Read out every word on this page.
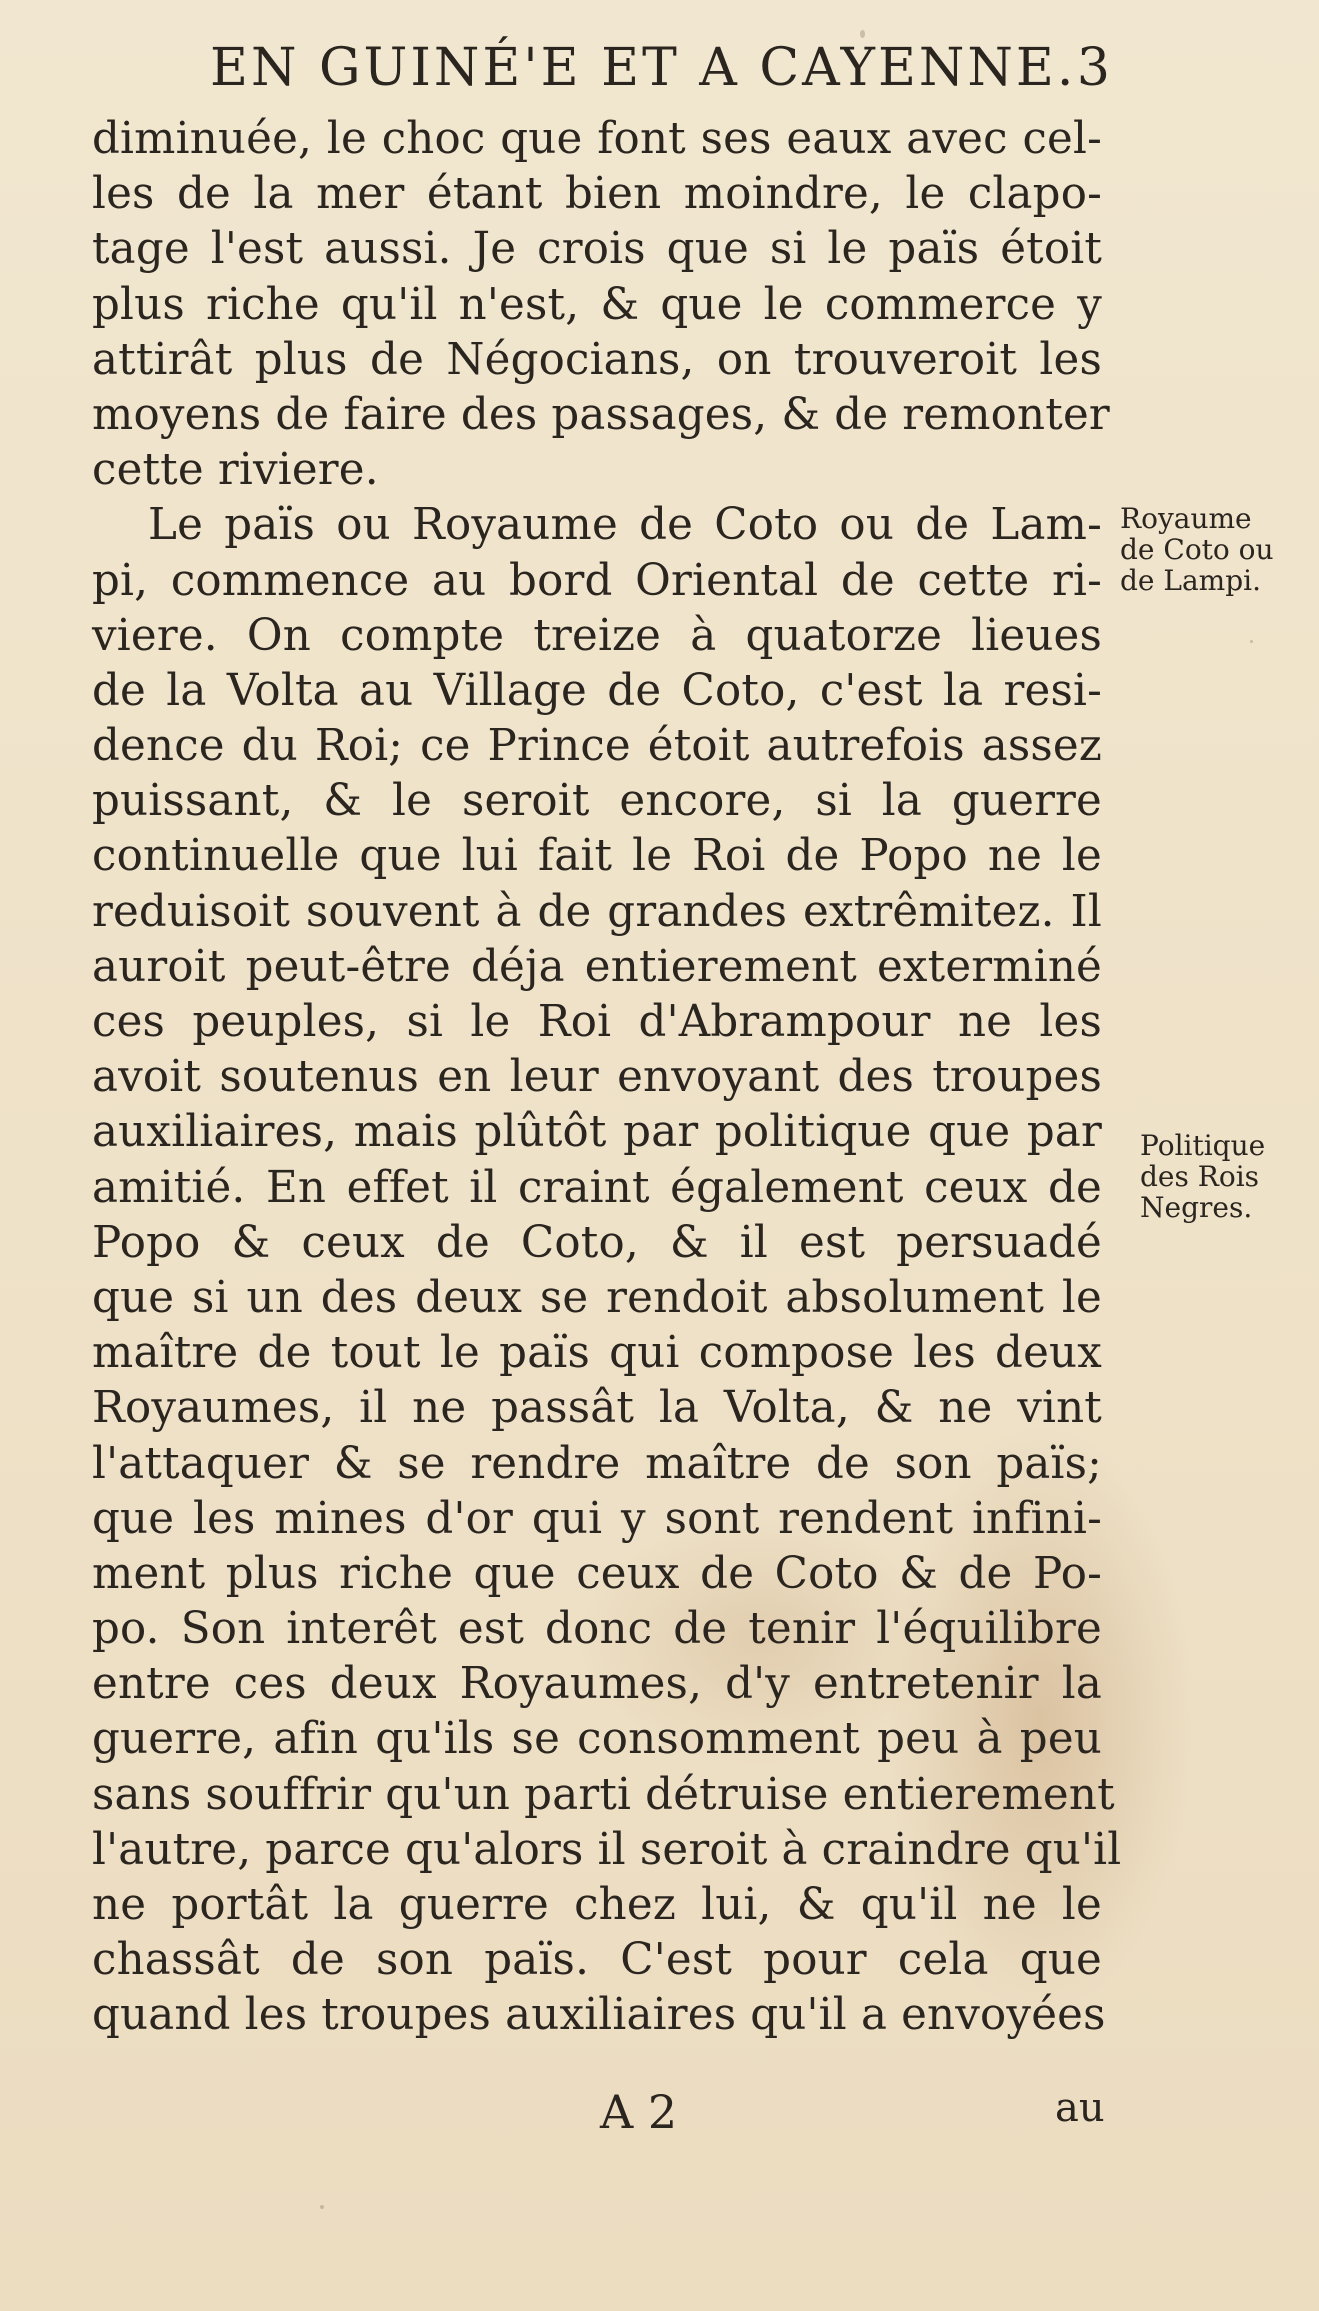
EN GUINÉ'E ET A CAYENNE. 3
diminuée, le choc que font ses eaux avec cel-
les de la mer étant bien moindre, le clapo-
tage l'est aussi. Je crois que si le païs étoit
plus riche qu'il n'est, & que le commerce y
attirât plus de Négocians, on trouveroit les
moyens de faire des passages, & de remonter
cette riviere.
Le païs ou Royaume de Coto ou de Lam-
pi, commence au bord Oriental de cette ri-
viere. On compte treize à quatorze lieues
de la Volta au Village de Coto, c'est la resi-
dence du Roi; ce Prince étoit autrefois assez
puissant, & le seroit encore, si la guerre
continuelle que lui fait le Roi de Popo ne le
reduisoit souvent à de grandes extrêmitez. Il
auroit peut-être déja entierement exterminé
ces peuples, si le Roi d'Abrampour ne les
avoit soutenus en leur envoyant des troupes
auxiliaires, mais plûtôt par politique que par
amitié. En effet il craint également ceux de
Popo & ceux de Coto, & il est persuadé
que si un des deux se rendoit absolument le
maître de tout le païs qui compose les deux
Royaumes, il ne passât la Volta, & ne vint
l'attaquer & se rendre maître de son païs;
que les mines d'or qui y sont rendent infini-
ment plus riche que ceux de Coto & de Po-
po. Son interêt est donc de tenir l'équilibre
entre ces deux Royaumes, d'y entretenir la
guerre, afin qu'ils se consomment peu à peu
sans souffrir qu'un parti détruise entierement
l'autre, parce qu'alors il seroit à craindre qu'il
ne portât la guerre chez lui, & qu'il ne le
chassât de son païs. C'est pour cela que
quand les troupes auxiliaires qu'il a envoyées
Royaume
de Coto ou
de Lampi.
Politique
des Rois
Negres.
A 2	au
